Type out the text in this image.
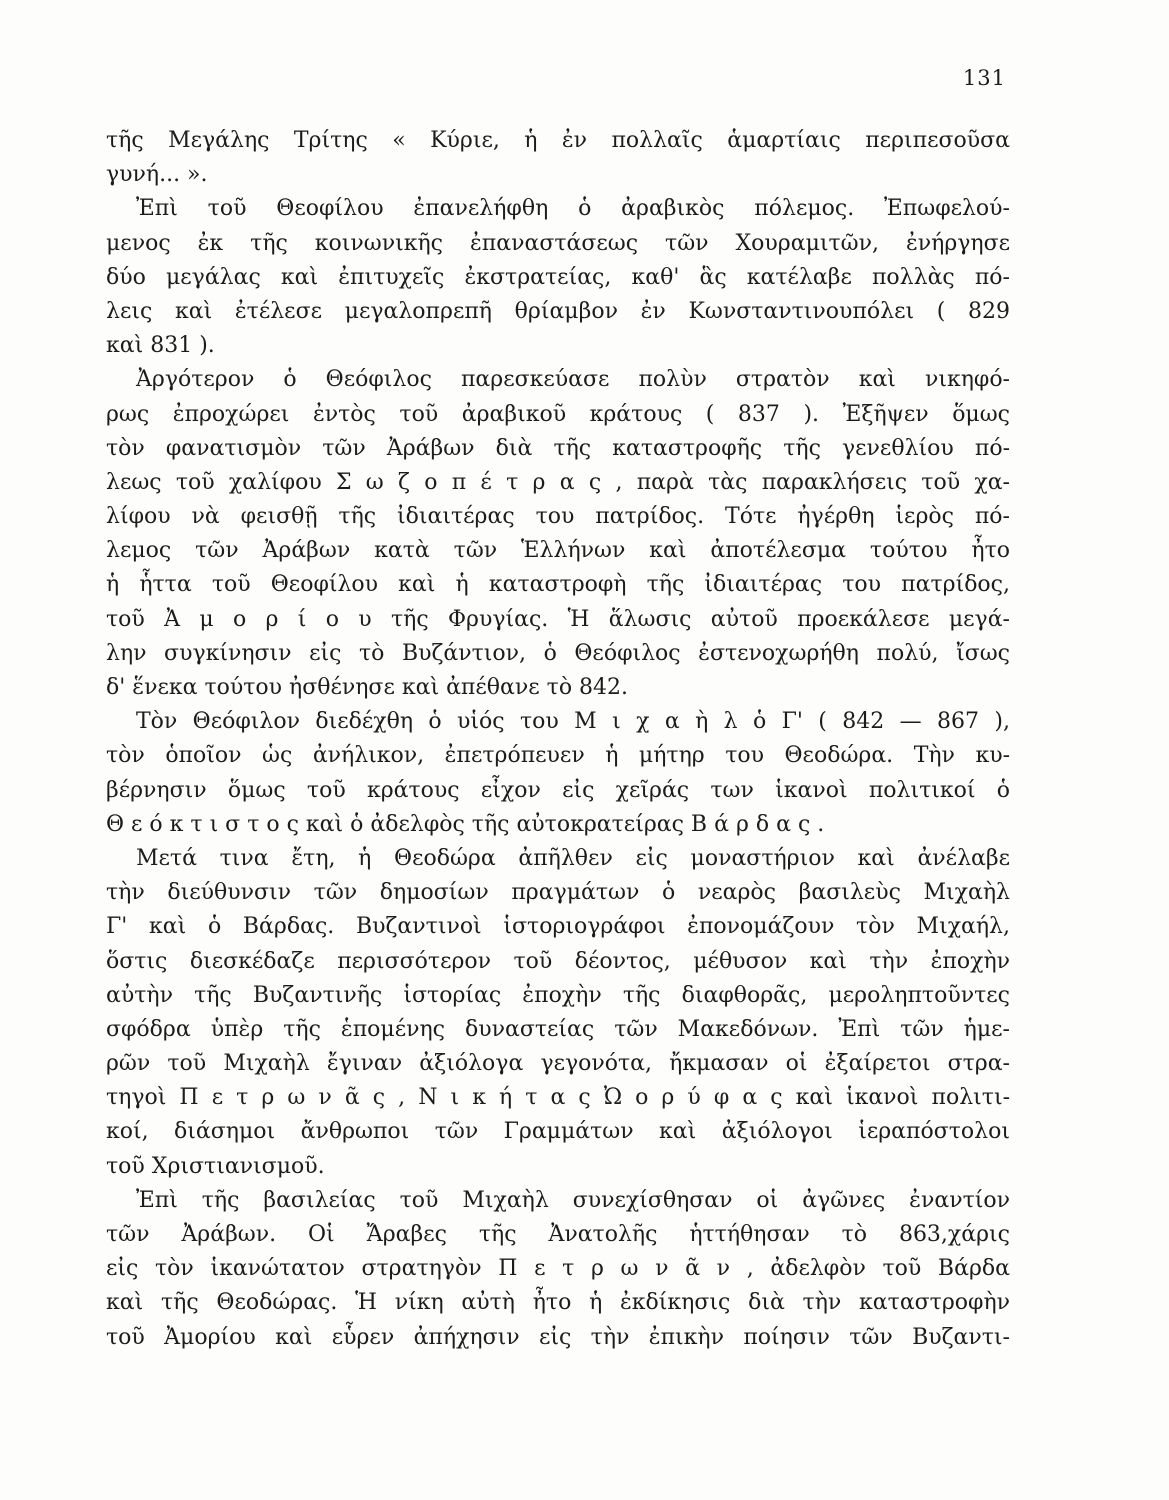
131
τῆς Μεγάλης Τρίτης « Κύριε, ἡ ἐν πολλαῖς ἁμαρτίαις περιπεσοῦσα
γυνή... ».
Ἐπὶ τοῦ Θεοφίλου ἐπανελήφθη ὁ ἀραβικὸς πόλεμος. Ἐπωφελού-
μενος ἐκ τῆς κοινωνικῆς ἐπαναστάσεως τῶν Χουραμιτῶν, ἐνήργησε
δύο μεγάλας καὶ ἐπιτυχεῖς ἐκστρατείας, καθ' ἃς κατέλαβε πολλὰς πό-
λεις καὶ ἐτέλεσε μεγαλοπρεπῆ θρίαμβον ἐν Κωνσταντινουπόλει ( 829
καὶ 831 ).
Ἀργότερον ὁ Θεόφιλος παρεσκεύασε πολὺν στρατὸν καὶ νικηφό-
ρως ἐπροχώρει ἐντὸς τοῦ ἀραβικοῦ κράτους ( 837 ). Ἐξῆψεν ὅμως
τὸν φανατισμὸν τῶν Ἀράβων διὰ τῆς καταστροφῆς τῆς γενεθλίου πό-
λεως τοῦ χαλίφου Σ ω ζ ο π έ τ ρ α ς , παρὰ τὰς παρακλήσεις τοῦ χα-
λίφου νὰ φεισθῇ τῆς ἰδιαιτέρας του πατρίδος. Τότε ἠγέρθη ἱερὸς πό-
λεμος τῶν Ἀράβων κατὰ τῶν Ἑλλήνων καὶ ἀποτέλεσμα τούτου ἦτο
ἡ ἧττα τοῦ Θεοφίλου καὶ ἡ καταστροφὴ τῆς ἰδιαιτέρας του πατρίδος,
τοῦ Ἀ μ ο ρ ί ο υ τῆς Φρυγίας. Ἡ ἅλωσις αὐτοῦ προεκάλεσε μεγά-
λην συγκίνησιν εἰς τὸ Βυζάντιον, ὁ Θεόφιλος ἐστενοχωρήθη πολύ, ἴσως
δ' ἕνεκα τούτου ἠσθένησε καὶ ἀπέθανε τὸ 842.
Τὸν Θεόφιλον διεδέχθη ὁ υἱός του Μ ι χ α ὴ λ ὁ Γ' ( 842 — 867 ),
τὸν ὁποῖον ὡς ἀνήλικον, ἐπετρόπευεν ἡ μήτηρ του Θεοδώρα. Τὴν κυ-
βέρνησιν ὅμως τοῦ κράτους εἶχον εἰς χεῖράς των ἱκανοὶ πολιτικοί ὁ
Θ ε ό κ τ ι σ τ ο ς καὶ ὁ ἀδελφὸς τῆς αὐτοκρατείρας Β ά ρ δ α ς .
Μετά τινα ἔτη, ἡ Θεοδώρα ἀπῆλθεν εἰς μοναστήριον καὶ ἀνέλαβε
τὴν διεύθυνσιν τῶν δημοσίων πραγμάτων ὁ νεαρὸς βασιλεὺς Μιχαὴλ
Γ' καὶ ὁ Βάρδας. Βυζαντινοὶ ἱστοριογράφοι ἐπονομάζουν τὸν Μιχαήλ,
ὅστις διεσκέδαζε περισσότερον τοῦ δέοντος, μέθυσον καὶ τὴν ἐποχὴν
αὐτὴν τῆς Βυζαντινῆς ἱστορίας ἐποχὴν τῆς διαφθορᾶς, μεροληπτοῦντες
σφόδρα ὑπὲρ τῆς ἑπομένης δυναστείας τῶν Μακεδόνων. Ἐπὶ τῶν ἡμε-
ρῶν τοῦ Μιχαὴλ ἔγιναν ἀξιόλογα γεγονότα, ἤκμασαν οἱ ἐξαίρετοι στρα-
τηγοὶ Π ε τ ρ ω ν ᾶ ς , Ν ι κ ή τ α ς Ὠ ο ρ ύ φ α ς καὶ ἱκανοὶ πολιτι-
κοί, διάσημοι ἄνθρωποι τῶν Γραμμάτων καὶ ἀξιόλογοι ἱεραπόστολοι
τοῦ Χριστιανισμοῦ.
Ἐπὶ τῆς βασιλείας τοῦ Μιχαὴλ συνεχίσθησαν οἱ ἀγῶνες ἐναντίον
τῶν Ἀράβων. Οἱ Ἄραβες τῆς Ἀνατολῆς ἡττήθησαν τὸ 863,χάρις
εἰς τὸν ἱκανώτατον στρατηγὸν Π ε τ ρ ω ν ᾶ ν , ἀδελφὸν τοῦ Βάρδα
καὶ τῆς Θεοδώρας. Ἡ νίκη αὐτὴ ἦτο ἡ ἐκδίκησις διὰ τὴν καταστροφὴν
τοῦ Ἀμορίου καὶ εὗρεν ἀπήχησιν εἰς τὴν ἐπικὴν ποίησιν τῶν Βυζαντι-
